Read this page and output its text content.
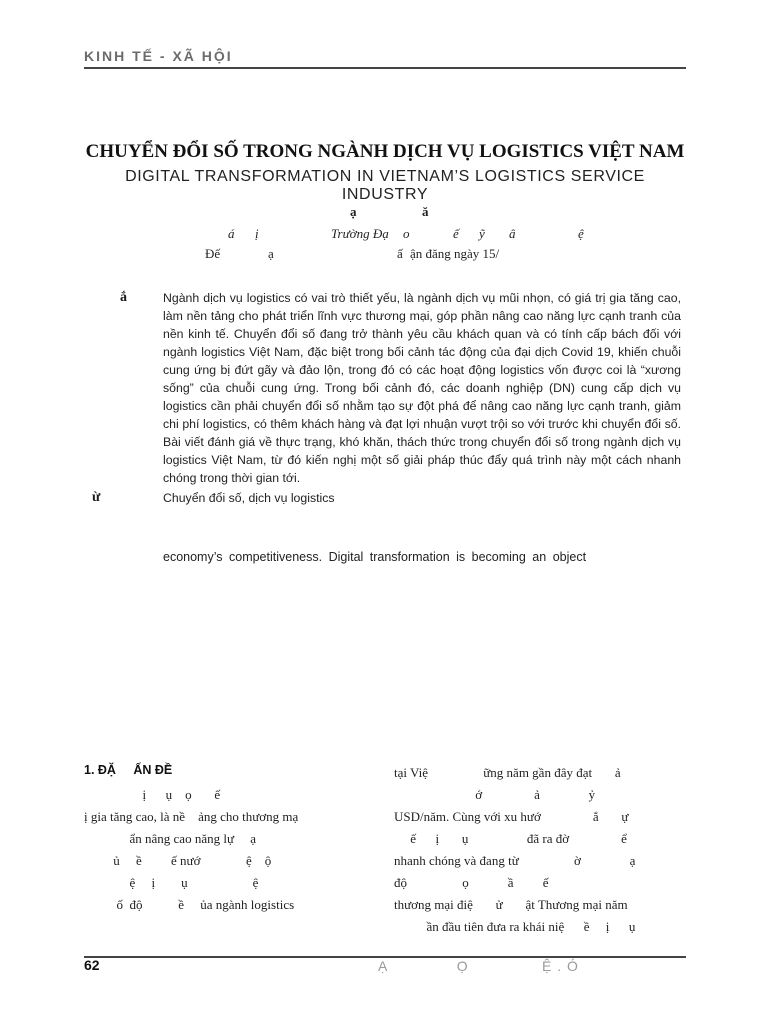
KINH TẾ - XÃ HỘI
CHUYỂN ĐỔI SỐ TRONG NGÀNH DỊCH VỤ LOGISTICS VIỆT NAM
DIGITAL TRANSFORMATION IN VIETNAM’S LOGISTICS SERVICE INDUSTRY
ạ	ă
á ị	Trường Đạ o	ế ỹ â	ệ
Đế	ạ	ấ ận đăng ngày 15/
ắ	Ngành dịch vụ logistics có vai trò thiết yếu, là ngành dịch vụ mũi nhọn, có giá trị gia tăng cao, làm nền tảng cho phát triển lĩnh vực thương mại, góp phần nâng cao năng lực cạnh tranh của nền kinh tế. Chuyển đổi số đang trở thành yêu cầu khách quan và có tính cấp bách đối với ngành logistics Việt Nam, đặc biệt trong bối cảnh tác động của đại dịch Covid 19, khiến chuỗi cung ứng bị đứt gãy và đảo lộn, trong đó có các hoạt động logistics vốn được coi là “xương sống” của chuỗi cung ứng. Trong bối cảnh đó, các doanh nghiệp (DN) cung cấp dịch vụ logistics cần phải chuyển đổi số nhằm tạo sự đột phá để nâng cao năng lực cạnh tranh, giảm chi phí logistics, có thêm khách hàng và đạt lợi nhuận vượt trội so với trước khi chuyển đổi số. Bài viết đánh giá về thực trạng, khó khăn, thách thức trong chuyển đổi số trong ngành dịch vụ logistics Việt Nam, từ đó kiến nghị một số giải pháp thúc đẩy quá trình này một cách nhanh chóng trong thời gian tới.
ừ	Chuyển đổi số, dịch vụ logistics
economy’s competitiveness. Digital transformation is becoming an object
1. ĐẶ     ẤN ĐỀ
ị      ụ    ọ       ế
ị gia tăng cao, là nề    ảng cho thương mạ
ẩn nâng cao năng lự     ạ
ủ     ề         ế nướ              ệ    ộ
ệ     ị        ụ                    ệ
ố  độ           ề     ủa ngành logistics
tại Việ                 ững năm gần đây đạt       ả
ớ                ả               ỷ
USD/năm. Cùng với xu hướ                ắ       ự
ế      ị       ụ                  đã ra đờ                ể
nhanh chóng và đang từ                 ờ               ạ
độ                 ọ            ầ         ế
thương mại điệ       ử       ật Thương mại năm
ần đầu tiên đưa ra khái niệ      ề     ị      ụ
62	Ạ              Ọ               Ệ . Ó
